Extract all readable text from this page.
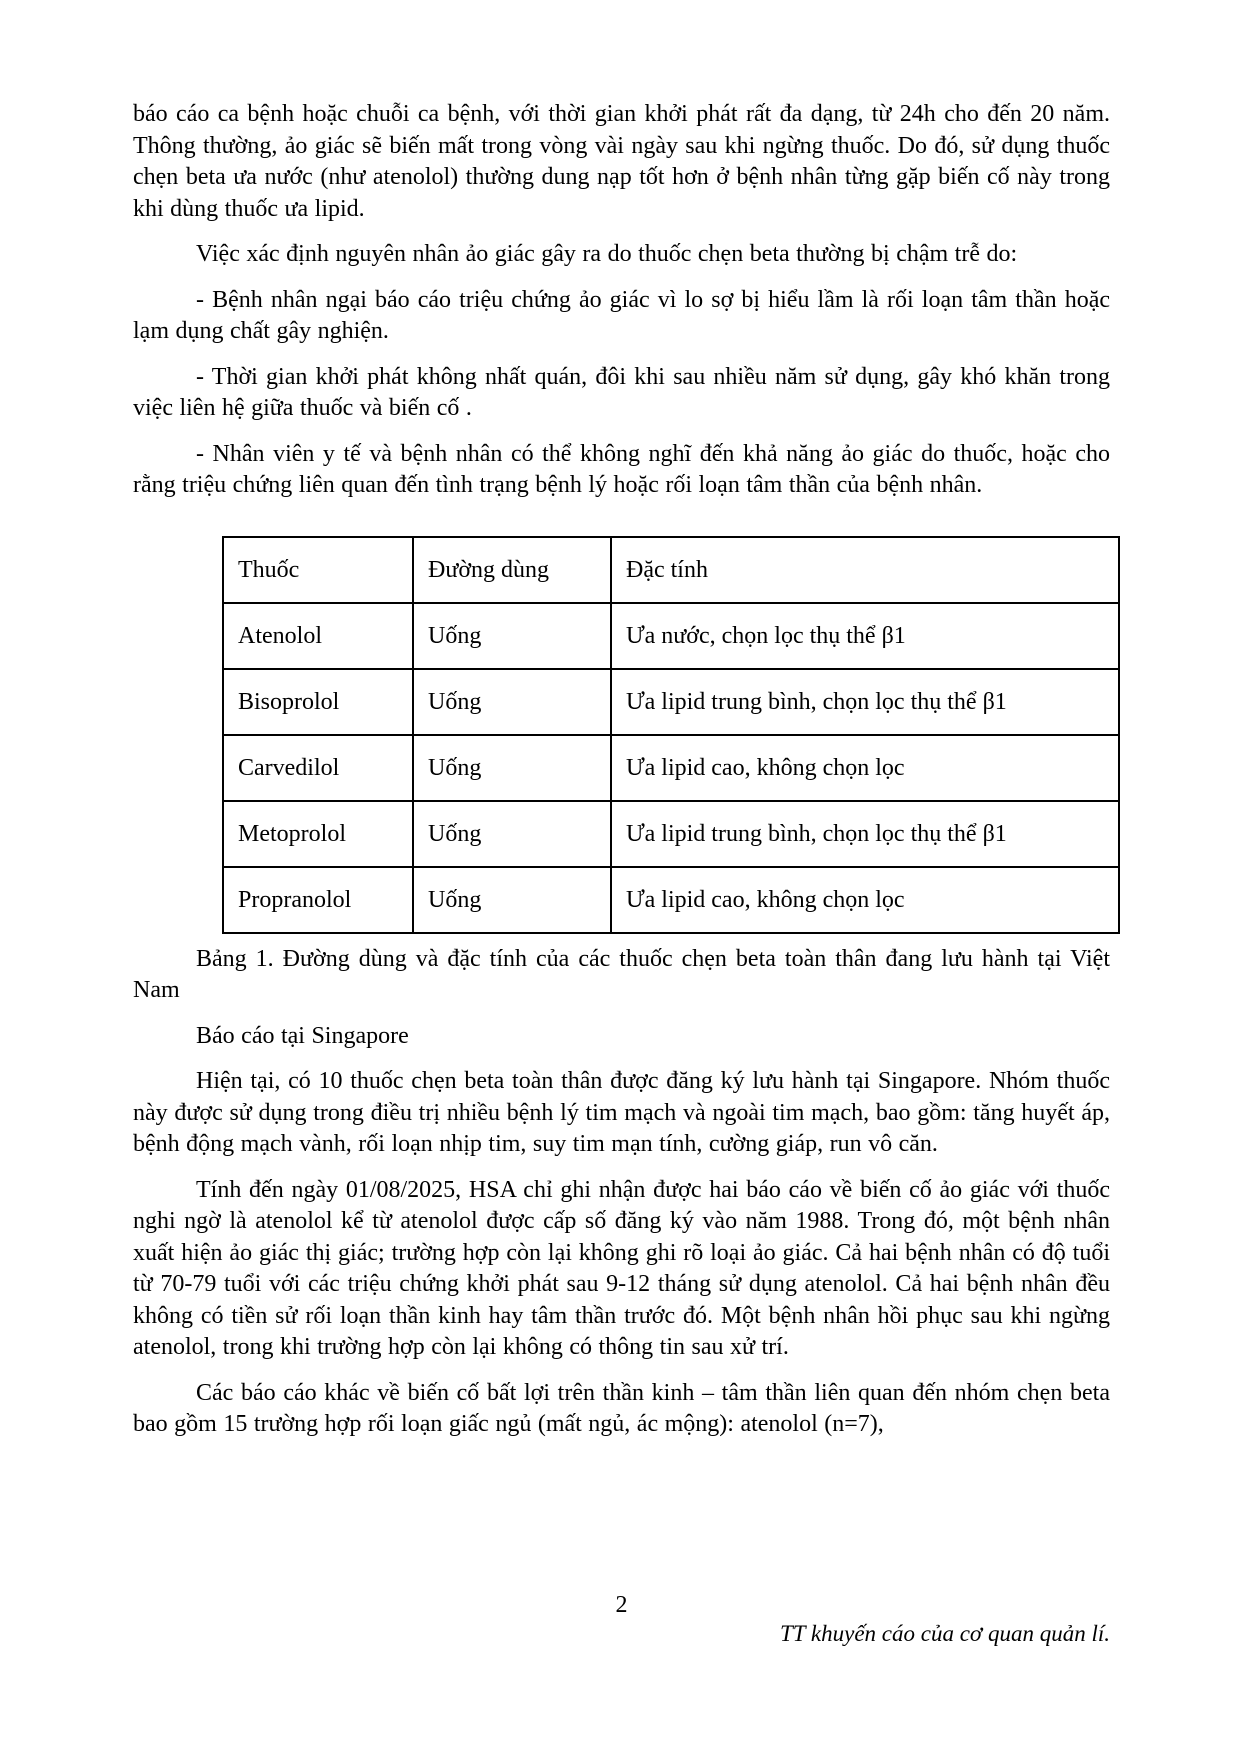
báo cáo ca bệnh hoặc chuỗi ca bệnh, với thời gian khởi phát rất đa dạng, từ 24h cho đến 20 năm. Thông thường, ảo giác sẽ biến mất trong vòng vài ngày sau khi ngừng thuốc. Do đó, sử dụng thuốc chẹn beta ưa nước (như atenolol) thường dung nạp tốt hơn ở bệnh nhân từng gặp biến cố này trong khi dùng thuốc ưa lipid.

Việc xác định nguyên nhân ảo giác gây ra do thuốc chẹn beta thường bị chậm trễ do:

- Bệnh nhân ngại báo cáo triệu chứng ảo giác vì lo sợ bị hiểu lầm là rối loạn tâm thần hoặc lạm dụng chất gây nghiện.

- Thời gian khởi phát không nhất quán, đôi khi sau nhiều năm sử dụng, gây khó khăn trong việc liên hệ giữa thuốc và biến cố .

- Nhân viên y tế và bệnh nhân có thể không nghĩ đến khả năng ảo giác do thuốc, hoặc cho rằng triệu chứng liên quan đến tình trạng bệnh lý hoặc rối loạn tâm thần của bệnh nhân.

Thuốc	Đường dùng	Đặc tính
Atenolol	Uống	Ưa nước, chọn lọc thụ thể β1
Bisoprolol	Uống	Ưa lipid trung bình, chọn lọc thụ thể β1
Carvedilol	Uống	Ưa lipid cao, không chọn lọc
Metoprolol	Uống	Ưa lipid trung bình, chọn lọc thụ thể β1
Propranolol	Uống	Ưa lipid cao, không chọn lọc

Bảng 1. Đường dùng và đặc tính của các thuốc chẹn beta toàn thân đang lưu hành tại Việt Nam

Báo cáo tại Singapore

Hiện tại, có 10 thuốc chẹn beta toàn thân được đăng ký lưu hành tại Singapore. Nhóm thuốc này được sử dụng trong điều trị nhiều bệnh lý tim mạch và ngoài tim mạch, bao gồm: tăng huyết áp, bệnh động mạch vành, rối loạn nhịp tim, suy tim mạn tính, cường giáp, run vô căn.

Tính đến ngày 01/08/2025, HSA chỉ ghi nhận được hai báo cáo về biến cố ảo giác với thuốc nghi ngờ là atenolol kể từ atenolol được cấp số đăng ký vào năm 1988. Trong đó, một bệnh nhân xuất hiện ảo giác thị giác; trường hợp còn lại không ghi rõ loại ảo giác. Cả hai bệnh nhân có độ tuổi từ 70-79 tuổi với các triệu chứng khởi phát sau 9-12 tháng sử dụng atenolol. Cả hai bệnh nhân đều không có tiền sử rối loạn thần kinh hay tâm thần trước đó. Một bệnh nhân hồi phục sau khi ngừng atenolol, trong khi trường hợp còn lại không có thông tin sau xử trí.

Các báo cáo khác về biến cố bất lợi trên thần kinh – tâm thần liên quan đến nhóm chẹn beta bao gồm 15 trường hợp rối loạn giấc ngủ (mất ngủ, ác mộng): atenolol (n=7),

2
TT khuyến cáo của cơ quan quản lí.
